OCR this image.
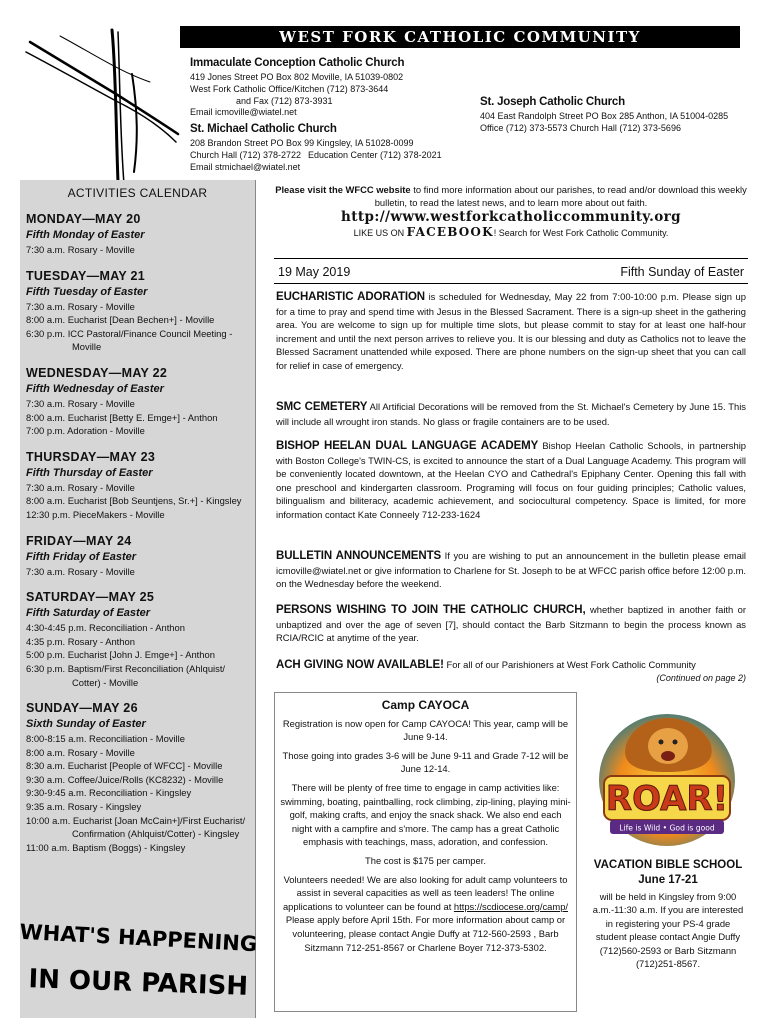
WEST FORK CATHOLIC COMMUNITY
Immaculate Conception Catholic Church
419 Jones Street PO Box 802 Moville, IA 51039-0802
West Fork Catholic Office/Kitchen (712) 873-3644
and Fax (712) 873-3931
Email icmoville@wiatel.net
St. Michael Catholic Church
208 Brandon Street PO Box 99 Kingsley, IA 51028-0099
Church Hall (712) 378-2722 Education Center (712) 378-2021
Email stmichael@wiatel.net
St. Joseph Catholic Church
404 East Randolph Street PO Box 285 Anthon, IA 51004-0285
Office (712) 373-5573 Church Hall (712) 373-5696
ACTIVITIES CALENDAR
MONDAY—MAY 20
Fifth Monday of Easter
7:30 a.m. Rosary - Moville
TUESDAY—MAY 21
Fifth Tuesday of Easter
7:30 a.m. Rosary - Moville
8:00 a.m. Eucharist [Dean Bechen+] - Moville
6:30 p.m. ICC Pastoral/Finance Council Meeting - Moville
WEDNESDAY—MAY 22
Fifth Wednesday of Easter
7:30 a.m. Rosary - Moville
8:00 a.m. Eucharist [Betty E. Emge+] - Anthon
7:00 p.m. Adoration - Moville
THURSDAY—MAY 23
Fifth Thursday of Easter
7:30 a.m. Rosary - Moville
8:00 a.m. Eucharist [Bob Seuntjens, Sr.+] - Kingsley
12:30 p.m. PieceMakers - Moville
FRIDAY—MAY 24
Fifth Friday of Easter
7:30 a.m. Rosary - Moville
SATURDAY—MAY 25
Fifth Saturday of Easter
4:30-4:45 p.m. Reconciliation - Anthon
4:35 p.m. Rosary - Anthon
5:00 p.m. Eucharist [John J. Emge+] - Anthon
6:30 p.m. Baptism/First Reconciliation (Ahlquist/ Cotter) - Moville
SUNDAY—MAY 26
Sixth Sunday of Easter
8:00-8:15 a.m. Reconciliation - Moville
8:00 a.m. Rosary - Moville
8:30 a.m. Eucharist [People of WFCC] - Moville
9:30 a.m. Coffee/Juice/Rolls (KC8232) - Moville
9:30-9:45 a.m. Reconciliation - Kingsley
9:35 a.m. Rosary - Kingsley
10:00 a.m. Eucharist [Joan McCain+]/First Eucharist/ Confirmation (Ahlquist/Cotter) - Kingsley
11:00 a.m. Baptism (Boggs) - Kingsley
WHAT'S HAPPENING
IN OUR PARISH
Please visit the WFCC website to find more information about our parishes, to read and/or download this weekly bulletin, to read the latest news, and to learn more about out faith.
http://www.westforkcatholiccommunity.org
LIKE US ON FACEBOOK! Search for West Fork Catholic Community.
19 May 2019	Fifth Sunday of Easter
EUCHARISTIC ADORATION is scheduled for Wednesday, May 22 from 7:00-10:00 p.m. Please sign up for a time to pray and spend time with Jesus in the Blessed Sacrament. There is a sign-up sheet in the gathering area. You are welcome to sign up for multiple time slots, but please commit to stay for at least one half-hour increment and until the next person arrives to relieve you. It is our blessing and duty as Catholics not to leave the Blessed Sacrament unattended while exposed. There are phone numbers on the sign-up sheet that you can call for relief in case of emergency.
SMC CEMETERY All Artificial Decorations will be removed from the St. Michael's Cemetery by June 15. This will include all wrought iron stands. No glass or fragile containers are to be used.
BISHOP HEELAN DUAL LANGUAGE ACADEMY Bishop Heelan Catholic Schools, in partnership with Boston College's TWIN-CS, is excited to announce the start of a Dual Language Academy. This program will be conveniently located downtown, at the Heelan CYO and Cathedral's Epiphany Center. Opening this fall with one preschool and kindergarten classroom. Programing will focus on four guiding principles; Catholic values, bilingualism and biliteracy, academic achievement, and sociocultural competency. Space is limited, for more information contact Kate Conneely 712-233-1624
BULLETIN ANNOUNCEMENTS If you are wishing to put an announcement in the bulletin please email icmoville@wiatel.net or give information to Charlene for St. Joseph to be at WFCC parish office before 12:00 p.m. on the Wednesday before the weekend.
PERSONS WISHING TO JOIN THE CATHOLIC CHURCH, whether baptized in another faith or unbaptized and over the age of seven [7], should contact the Barb Sitzmann to begin the process known as RCIA/RCIC at anytime of the year.
ACH GIVING NOW AVAILABLE! For all of our Parishioners at West Fork Catholic Community
(Continued on page 2)
Camp CAYOCA

Registration is now open for Camp CAYOCA! This year, camp will be June 9-14.

Those going into grades 3-6 will be June 9-11 and Grade 7-12 will be June 12-14.

There will be plenty of free time to engage in camp activities like: swimming, boating, paintballing, rock climbing, zip-lining, playing mini-golf, making crafts, and enjoy the snack shack. We also end each night with a campfire and s'more. The camp has a great Catholic emphasis with teachings, mass, adoration, and confession.

The cost is $175 per camper.

Volunteers needed! We are also looking for adult camp volunteers to assist in several capacities as well as teen leaders! The online applications to volunteer can be found at https://scdiocese.org/camp/ Please apply before April 15th. For more information about camp or volunteering, please contact Angie Duffy at 712-560-2593 , Barb Sitzmann 712-251-8567 or Charlene Boyer 712-373-5302.

ROAR!
Life is Wild • God is good
VACATION BIBLE SCHOOL
June 17-21
will be held in Kingsley from 9:00 a.m.-11:30 a.m. If you are interested in registering your PS-4 grade student please contact Angie Duffy (712)560-2593 or Barb Sitzmann (712)251-8567.
